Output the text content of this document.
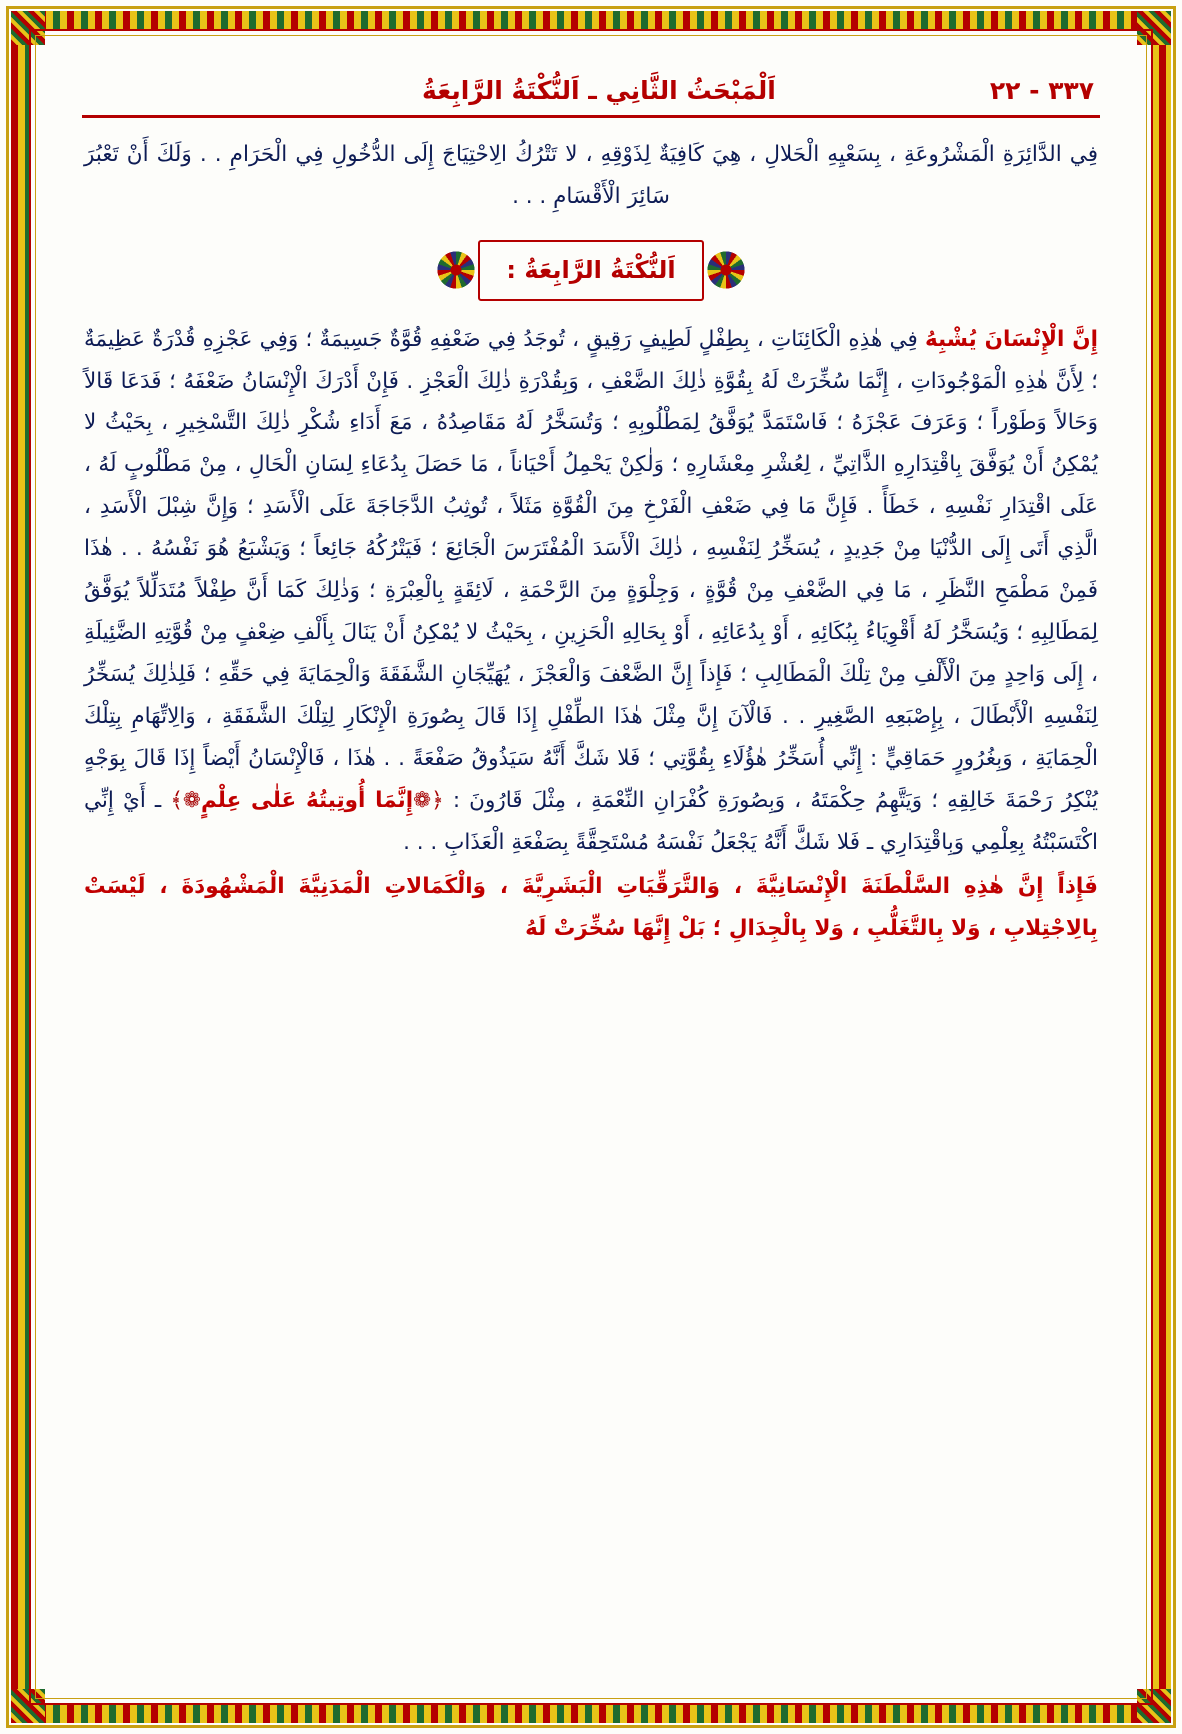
٣٣٧ - ٢٢
اَلْمَبْحَثُ الثَّانِي ـ اَلنُّكْتَةُ الرَّابِعَةُ

فِي الدَّائِرَةِ الْمَشْرُوعَةِ ، بِسَعْيِهِ الْحَلالِ ، هِيَ كَافِيَةٌ لِذَوْقِهِ ، لا تَتْرُكُ الِاحْتِيَاجَ إِلَى الدُّخُولِ فِي الْحَرَامِ . . وَلَكَ أَنْ تَعْبُرَ سَائِرَ الْأَقْسَامِ . . .

اَلنُّكْتَةُ الرَّابِعَةُ :

إِنَّ الْإِنْسَانَ يُشْبِهُ فِي هٰذِهِ الْكَائِنَاتِ ، بِطِفْلٍ لَطِيفٍ رَقِيقٍ ، تُوجَدُ فِي ضَعْفِهِ قُوَّةٌ جَسِيمَةٌ ؛ وَفِي عَجْزِهِ قُدْرَةٌ عَظِيمَةٌ ؛ لِأَنَّ هٰذِهِ الْمَوْجُودَاتِ ، إِنَّمَا سُخِّرَتْ لَهُ بِقُوَّةِ ذٰلِكَ الضَّعْفِ ، وَبِقُدْرَةِ ذٰلِكَ الْعَجْزِ . فَإِنْ أَدْرَكَ الْإِنْسَانُ ضَعْفَهُ ؛ فَدَعَا قَالاً وَحَالاً وَطَوْراً ؛ وَعَرَفَ عَجْزَهُ ؛ فَاسْتَمَدَّ يُوَفَّقُ لِمَطْلُوبِهِ ؛ وَتُسَخَّرُ لَهُ مَقَاصِدُهُ ، مَعَ أَدَاءِ شُكْرِ ذٰلِكَ التَّسْخِيرِ ، بِحَيْثُ لا يُمْكِنُ أَنْ يُوَفَّقَ بِاقْتِدَارِهِ الذَّاتِيِّ ، لِعُشْرِ مِعْشَارِهِ ؛ وَلٰكِنْ يَحْمِلُ أَحْيَاناً ، مَا حَصَلَ بِدُعَاءِ لِسَانِ الْحَالِ ، مِنْ مَطْلُوبٍ لَهُ ، عَلَى اقْتِدَارِ نَفْسِهِ ، خَطَأً . فَإِنَّ مَا فِي ضَعْفِ الْفَرْخِ مِنَ الْقُوَّةِ مَثَلاً ، تُوثِبُ الدَّجَاجَةَ عَلَى الْأَسَدِ ؛ وَإِنَّ شِبْلَ الْأَسَدِ ، الَّذِي أَتَى إِلَى الدُّنْيَا مِنْ جَدِيدٍ ، يُسَخِّرُ لِنَفْسِهِ ، ذٰلِكَ الْأَسَدَ الْمُفْتَرَسَ الْجَائِعَ ؛ فَيَتْرُكُهُ جَائِعاً ؛ وَيَشْبَعُ هُوَ نَفْسُهُ . . هٰذَا فَمِنْ مَطْمَحِ النَّظَرِ ، مَا فِي الضَّعْفِ مِنْ قُوَّةٍ ، وَجِلْوَةٍ مِنَ الرَّحْمَةِ ، لَائِقَةٍ بِالْعِبْرَةِ ؛ وَذٰلِكَ كَمَا أَنَّ طِفْلاً مُتَدَلِّلاً يُوَفَّقُ لِمَطَالِبِهِ ؛ وَيُسَخَّرُ لَهُ أَقْوِيَاءُ بِبُكَائِهِ ، أَوْ بِدُعَائِهِ ، أَوْ بِحَالِهِ الْحَزِينِ ، بِحَيْثُ لا يُمْكِنُ أَنْ يَنَالَ بِأَلْفِ ضِعْفٍ مِنْ قُوَّتِهِ الضَّئِيلَةِ ، إِلَى وَاحِدٍ مِنَ الْأَلْفِ مِنْ تِلْكَ الْمَطَالِبِ ؛ فَإِذاً إِنَّ الضَّعْفَ وَالْعَجْزَ ، يُهَيِّجَانِ الشَّفَقَةَ وَالْحِمَايَةَ فِي حَقِّهِ ؛ فَلِذٰلِكَ يُسَخِّرُ لِنَفْسِهِ الْأَبْطَالَ ، بِإِصْبَعِهِ الصَّغِيرِ . . فَالْآنَ إِنَّ مِثْلَ هٰذَا الطِّفْلِ إِذَا قَالَ بِصُورَةِ الْإِنْكَارِ لِتِلْكَ الشَّفَقَةِ ، وَالِاتِّهَامِ بِتِلْكَ الْحِمَايَةِ ، وَبِغُرُورٍ حَمَاقِيٍّ : إِنِّي أُسَخِّرُ هٰؤُلَاءِ بِقُوَّتِي ؛ فَلا شَكَّ أَنَّهُ سَيَذُوقُ صَفْعَةً . . هٰذَا ، فَالْإِنْسَانُ أَيْضاً إِذَا قَالَ بِوَجْهٍ يُنْكِرُ رَحْمَةَ خَالِقِهِ ؛ وَيَتَّهِمُ حِكْمَتَهُ ، وَبِصُورَةِ كُفْرَانِ النِّعْمَةِ ، مِثْلَ قَارُونَ : ﴿❁إِنَّمَا أُوتِيتُهُ عَلٰى عِلْمٍ❁﴾ ـ أَيْ إِنِّي اكْتَسَبْتُهُ بِعِلْمِي وَبِاقْتِدَارِي ـ فَلا شَكَّ أَنَّهُ يَجْعَلُ نَفْسَهُ مُسْتَحِقَّةً بِصَفْعَةِ الْعَذَابِ . . .

فَإِذاً إِنَّ هٰذِهِ السَّلْطَنَةَ الْإِنْسَانِيَّةَ ، وَالتَّرَقِّيَاتِ الْبَشَرِيَّةَ ، وَالْكَمَالاتِ الْمَدَنِيَّةَ الْمَشْهُودَةَ ، لَيْسَتْ بِالِاجْتِلابِ ، وَلا بِالتَّغَلُّبِ ، وَلا بِالْجِدَالِ ؛ بَلْ إِنَّهَا سُخِّرَتْ لَهُ
